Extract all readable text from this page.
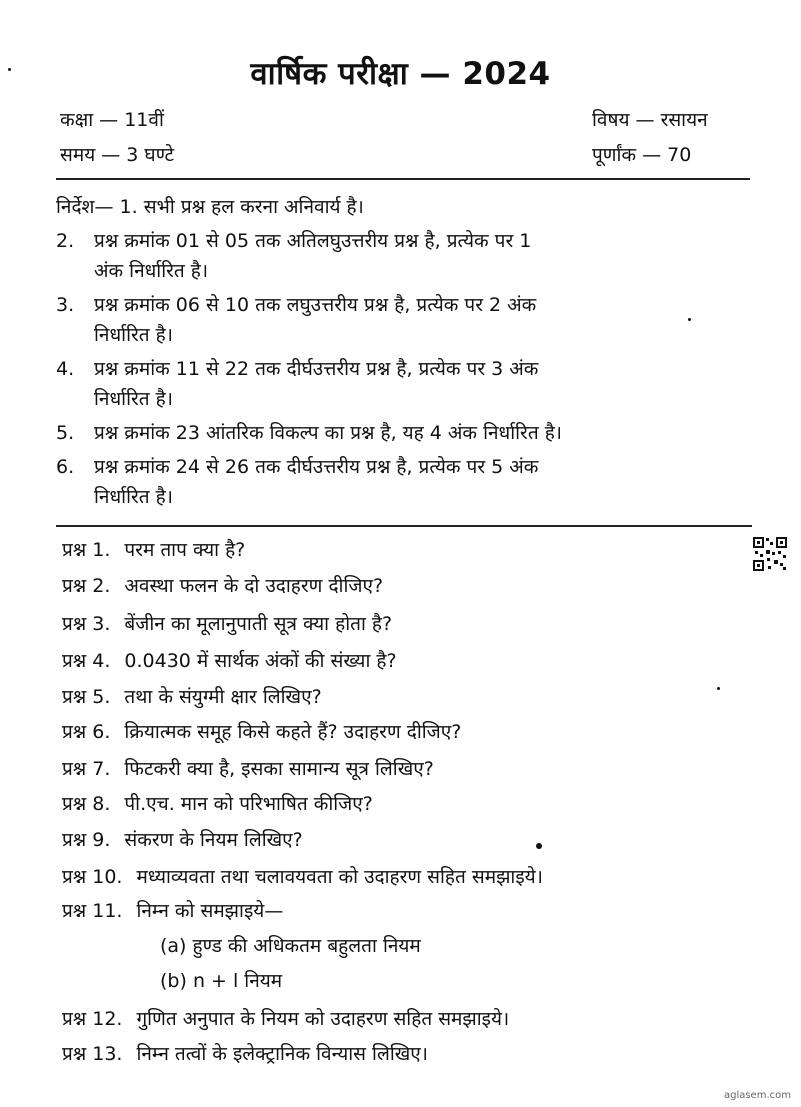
वार्षिक परीक्षा — 2024
कक्षा — 11वीं
समय — 3 घण्टे
विषय — रसायन
पूर्णांक — 70

निर्देश— 1. सभी प्रश्न हल करना अनिवार्य है।

2. प्रश्न क्रमांक 01 से 05 तक अतिलघुउत्तरीय प्रश्न है, प्रत्येक पर 1
अंक निर्धारित है।

3. प्रश्न क्रमांक 06 से 10 तक लघुउत्तरीय प्रश्न है, प्रत्येक पर 2 अंक
निर्धारित है।

4. प्रश्न क्रमांक 11 से 22 तक दीर्घउत्तरीय प्रश्न है, प्रत्येक पर 3 अंक
निर्धारित है।

5. प्रश्न क्रमांक 23 आंतरिक विकल्प का प्रश्न है, यह 4 अंक निर्धारित है।

6. प्रश्न क्रमांक 24 से 26 तक दीर्घउत्तरीय प्रश्न है, प्रत्येक पर 5 अंक
निर्धारित है।

प्रश्न 1. परम ताप क्या है?
प्रश्न 2. अवस्था फलन के दो उदाहरण दीजिए?
प्रश्न 3. बेंजीन का मूलानुपाती सूत्र क्या होता है?
प्रश्न 4. 0.0430 में सार्थक अंकों की संख्या है?
प्रश्न 5. तथा के संयुग्मी क्षार लिखिए?
प्रश्न 6. क्रियात्मक समूह किसे कहते हैं? उदाहरण दीजिए?
प्रश्न 7. फिटकरी क्या है, इसका सामान्य सूत्र लिखिए?
प्रश्न 8. पी.एच. मान को परिभाषित कीजिए?
प्रश्न 9. संकरण के नियम लिखिए?
प्रश्न 10. मध्याव्यवता तथा चलावयवता को उदाहरण सहित समझाइये।
प्रश्न 11. निम्न को समझाइये—
(a) हुण्ड की अधिकतम बहुलता नियम
(b) n + l नियम
प्रश्न 12. गुणित अनुपात के नियम को उदाहरण सहित समझाइये।
प्रश्न 13. निम्न तत्वों के इलेक्ट्रानिक विन्यास लिखिए।
aglasem.com
